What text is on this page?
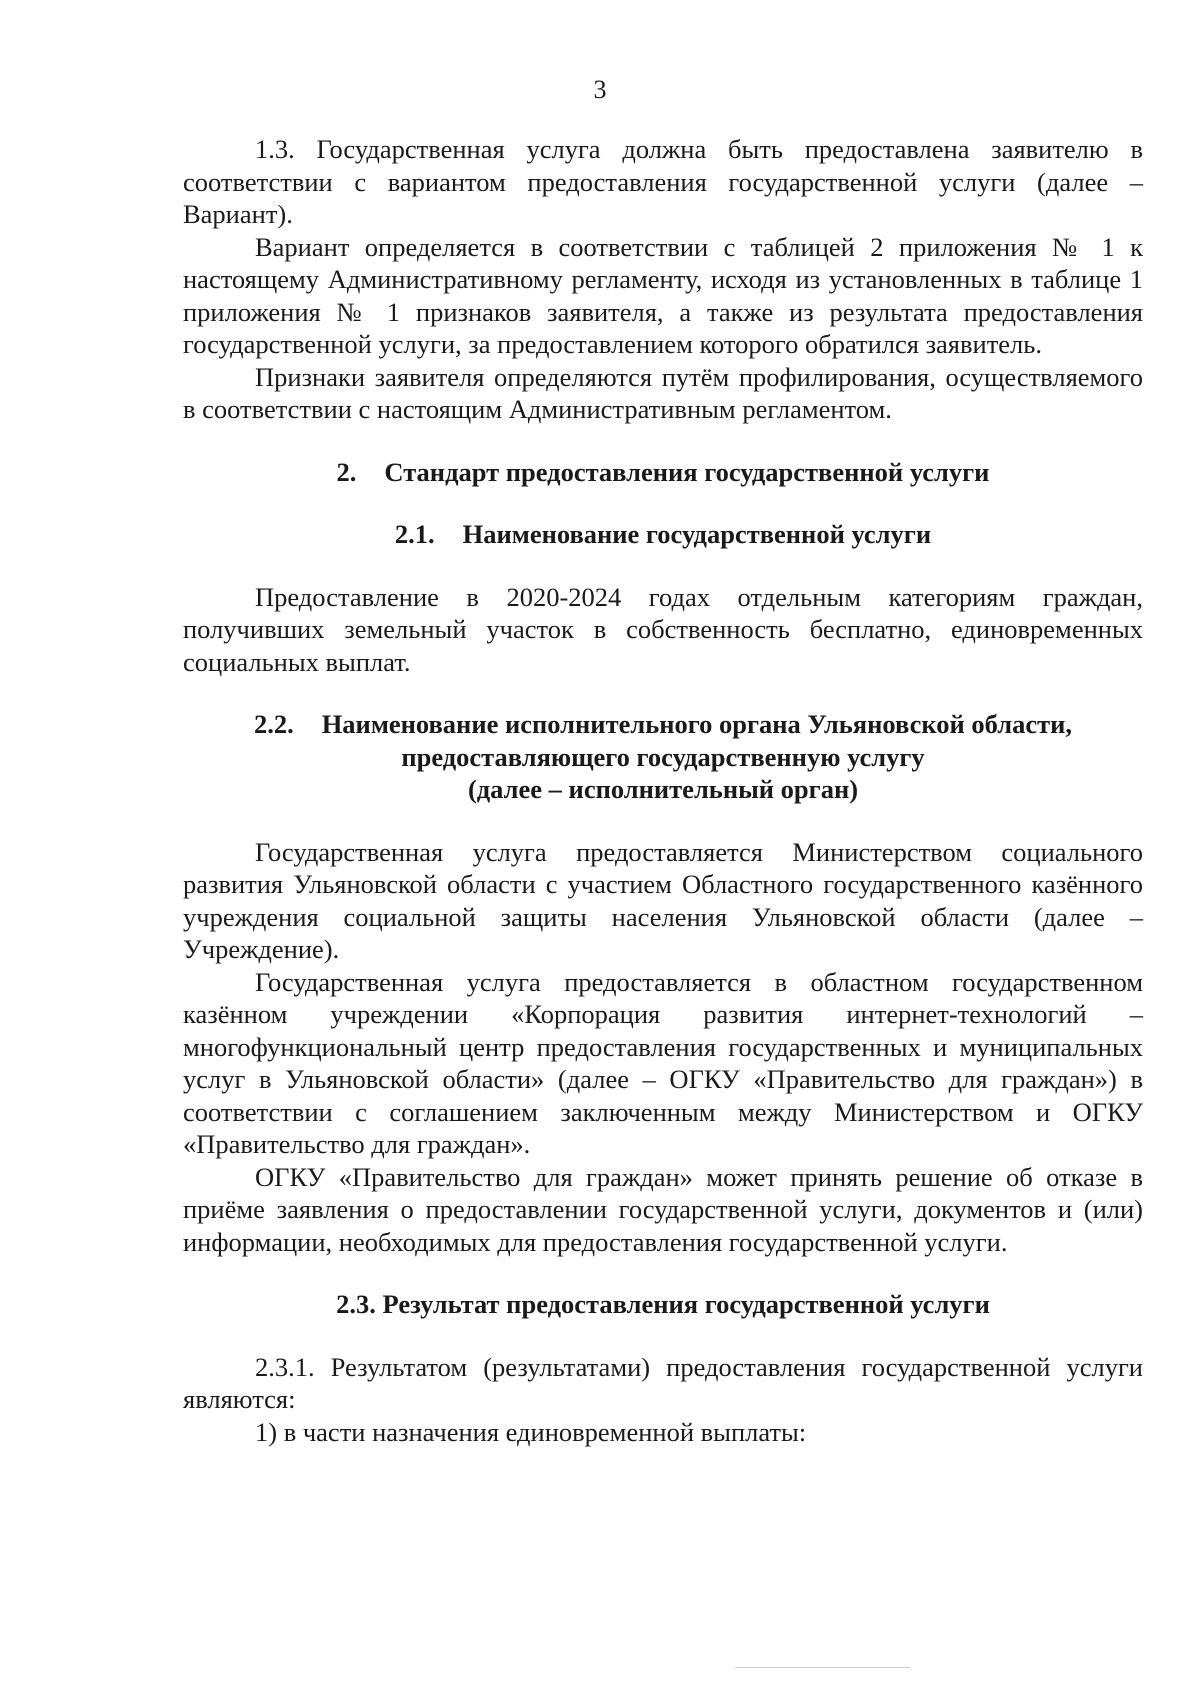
3

1.3. Государственная услуга должна быть предоставлена заявителю в соответствии с вариантом предоставления государственной услуги (далее – Вариант).

Вариант определяется в соответствии с таблицей 2 приложения № 1 к настоящему Административному регламенту, исходя из установленных в таблице 1 приложения № 1 признаков заявителя, а также из результата предоставления государственной услуги, за предоставлением которого обратился заявитель.

Признаки заявителя определяются путём профилирования, осуществляемого в соответствии с настоящим Административным регламентом.

2. Стандарт предоставления государственной услуги
2.1. Наименование государственной услуги

Предоставление в 2020-2024 годах отдельным категориям граждан, получивших земельный участок в собственность бесплатно, единовременных социальных выплат.

2.2. Наименование исполнительного органа Ульяновской области,
предоставляющего государственную услугу
(далее – исполнительный орган)

Государственная услуга предоставляется Министерством социального развития Ульяновской области с участием Областного государственного казённого учреждения социальной защиты населения Ульяновской области (далее – Учреждение).

Государственная услуга предоставляется в областном государственном казённом учреждении «Корпорация развития интернет-технологий – многофункциональный центр предоставления государственных и муниципальных услуг в Ульяновской области» (далее – ОГКУ «Правительство для граждан») в соответствии с соглашением заключенным между Министерством и ОГКУ «Правительство для граждан».

ОГКУ «Правительство для граждан» может принять решение об отказе в приёме заявления о предоставлении государственной услуги, документов и (или) информации, необходимых для предоставления государственной услуги.

2.3. Результат предоставления государственной услуги

2.3.1. Результатом (результатами) предоставления государственной услуги являются:

1) в части назначения единовременной выплаты:
